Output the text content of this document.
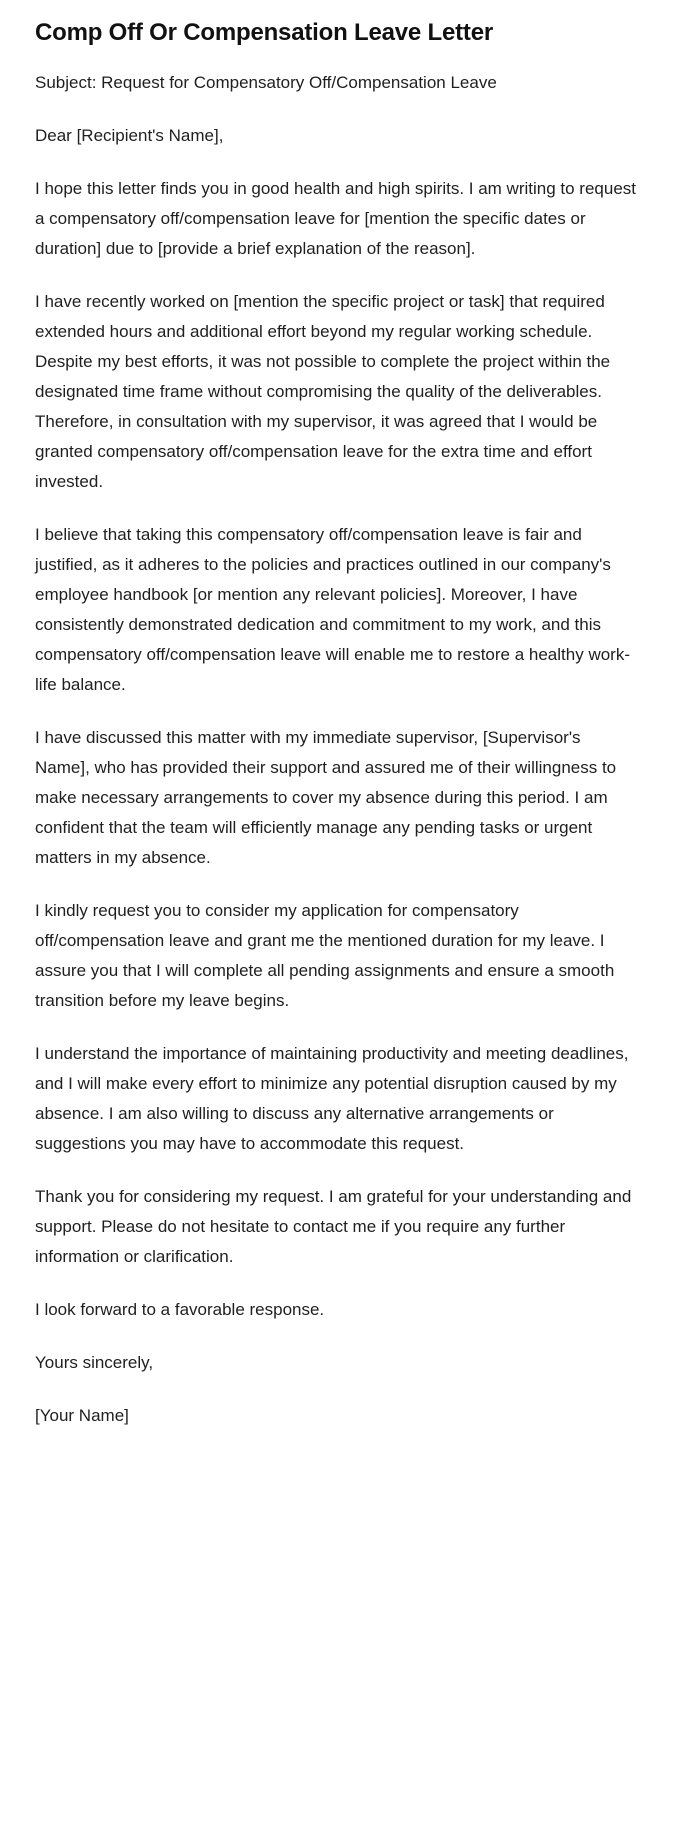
Comp Off Or Compensation Leave Letter

Subject: Request for Compensatory Off/Compensation Leave

Dear [Recipient's Name],

I hope this letter finds you in good health and high spirits. I am writing to request a compensatory off/compensation leave for [mention the specific dates or duration] due to [provide a brief explanation of the reason].

I have recently worked on [mention the specific project or task] that required extended hours and additional effort beyond my regular working schedule. Despite my best efforts, it was not possible to complete the project within the designated time frame without compromising the quality of the deliverables. Therefore, in consultation with my supervisor, it was agreed that I would be granted compensatory off/compensation leave for the extra time and effort invested.

I believe that taking this compensatory off/compensation leave is fair and justified, as it adheres to the policies and practices outlined in our company's employee handbook [or mention any relevant policies]. Moreover, I have consistently demonstrated dedication and commitment to my work, and this compensatory off/compensation leave will enable me to restore a healthy work-life balance.

I have discussed this matter with my immediate supervisor, [Supervisor's Name], who has provided their support and assured me of their willingness to make necessary arrangements to cover my absence during this period. I am confident that the team will efficiently manage any pending tasks or urgent matters in my absence.

I kindly request you to consider my application for compensatory off/compensation leave and grant me the mentioned duration for my leave. I assure you that I will complete all pending assignments and ensure a smooth transition before my leave begins.

I understand the importance of maintaining productivity and meeting deadlines, and I will make every effort to minimize any potential disruption caused by my absence. I am also willing to discuss any alternative arrangements or suggestions you may have to accommodate this request.

Thank you for considering my request. I am grateful for your understanding and support. Please do not hesitate to contact me if you require any further information or clarification.

I look forward to a favorable response.

Yours sincerely,

[Your Name]
